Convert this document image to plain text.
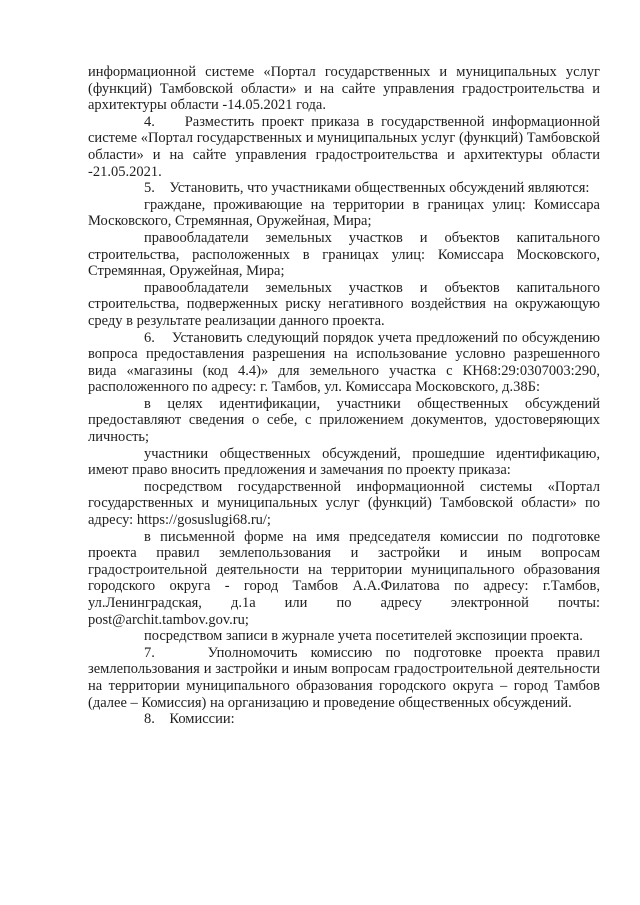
информационной системе «Портал государственных и муниципальных услуг (функций) Тамбовской области» и на сайте управления градостроительства и архитектуры области -14.05.2021 года.

4.    Разместить проект приказа в государственной информационной системе «Портал государственных и муниципальных услуг (функций) Тамбовской области» и на сайте управления градостроительства и архитектуры области -21.05.2021.

5.    Установить, что участниками общественных обсуждений являются:

граждане, проживающие на территории в границах улиц: Комиссара Московского, Стремянная, Оружейная, Мира;

правообладатели земельных участков и объектов капитального строительства, расположенных в границах улиц: Комиссара Московского, Стремянная, Оружейная, Мира;

правообладатели земельных участков и объектов капитального строительства, подверженных риску негативного воздействия на окружающую среду в результате реализации данного проекта.

6.    Установить следующий порядок учета предложений по обсуждению вопроса предоставления разрешения на использование условно разрешенного вида «магазины (код 4.4)» для земельного участка с КН68:29:0307003:290, расположенного по адресу: г. Тамбов, ул. Комиссара Московского, д.38Б:

в целях идентификации, участники общественных обсуждений предоставляют сведения о себе, с приложением документов, удостоверяющих личность;

участники общественных обсуждений, прошедшие идентификацию, имеют право вносить предложения и замечания по проекту приказа:

посредством государственной информационной системы «Портал государственных и муниципальных услуг (функций) Тамбовской области» по адресу: https://gosuslugi68.ru/;

в письменной форме на имя председателя комиссии по подготовке проекта правил землепользования и застройки и иным вопросам градостроительной деятельности на территории муниципального образования городского округа - город Тамбов А.А.Филатова по адресу: г.Тамбов, ул.Ленинградская, д.1а или по адресу электронной почты: post@archit.tambov.gov.ru;

посредством записи в журнале учета посетителей экспозиции проекта.

7.    Уполномочить комиссию по подготовке проекта правил землепользования и застройки и иным вопросам градостроительной деятельности на территории муниципального образования городского округа – город Тамбов (далее – Комиссия) на организацию и проведение общественных обсуждений.

8.    Комиссии:
